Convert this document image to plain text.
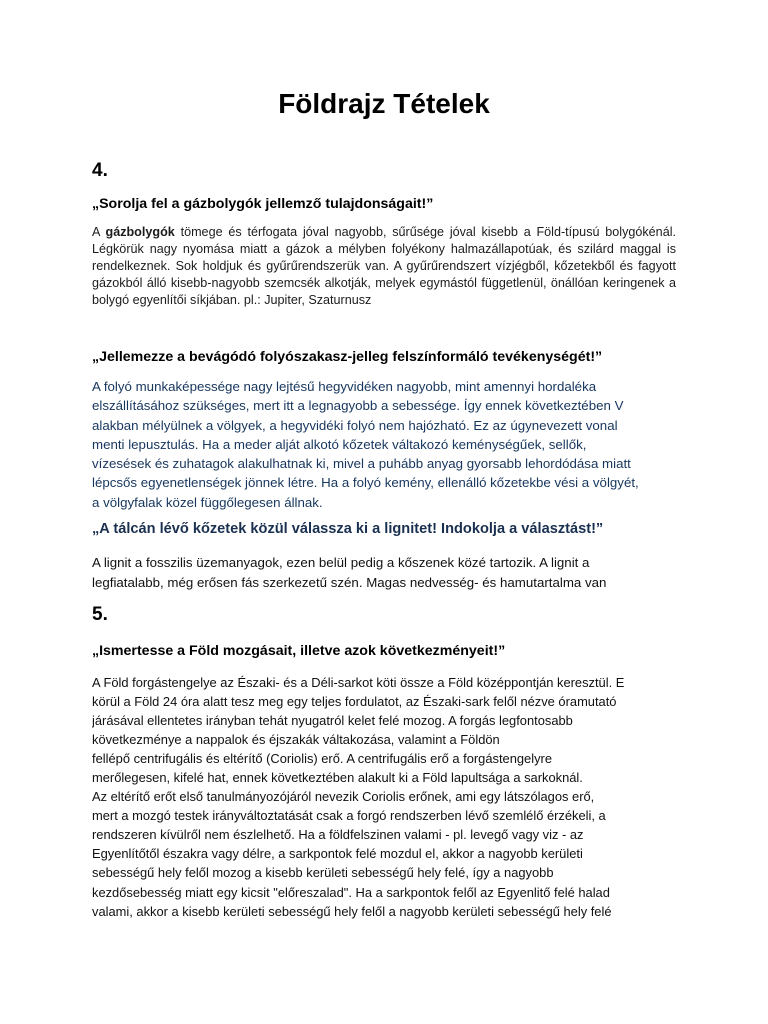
Földrajz Tételek
4.
„Sorolja fel a gázbolygók jellemző tulajdonságait!”

A gázbolygók tömege és térfogata jóval nagyobb, sűrűsége jóval kisebb a Föld-típusú bolygókénál. Légkörük nagy nyomása miatt a gázok a mélyben folyékony halmazállapotúak, és szilárd maggal is rendelkeznek. Sok holdjuk és gyűrűrendszerük van. A gyűrűrendszert vízjégből, kőzetekből és fagyott gázokból álló kisebb-nagyobb szemcsék alkotják, melyek egymástól függetlenül, önállóan keringenek a bolygó egyenlítői síkjában. pl.: Jupiter, Szaturnusz

„Jellemezze a bevágódó folyószakasz-jelleg felszínformáló tevékenységét!”

A folyó munkaképessége nagy lejtésű hegyvidéken nagyobb, mint amennyi hordaléka
elszállításához szükséges, mert itt a legnagyobb a sebessége. Így ennek következtében V
alakban mélyülnek a völgyek, a hegyvidéki folyó nem hajózható. Ez az úgynevezett vonal
menti lepusztulás. Ha a meder alját alkotó kőzetek váltakozó keménységűek, sellők,
vízesések és zuhatagok alakulhatnak ki, mivel a puhább anyag gyorsabb lehordódása miatt
lépcsős egyenetlenségek jönnek létre. Ha a folyó kemény, ellenálló kőzetekbe vési a völgyét,
a völgyfalak közel függőlegesen állnak.

„A tálcán lévő kőzetek közül válassza ki a lignitet! Indokolja a választást!”

A lignit a fosszilis üzemanyagok, ezen belül pedig a kőszenek közé tartozik. A lignit a
legfiatalabb, még erősen fás szerkezetű szén. Magas nedvesség- és hamutartalma van

5.
„Ismertesse a Föld mozgásait, illetve azok következményeit!”

A Föld forgástengelye az Északi- és a Déli-sarkot köti össze a Föld középpontján keresztül. E
körül a Föld 24 óra alatt tesz meg egy teljes fordulatot, az Északi-sark felől nézve óramutató
járásával ellentetes irányban tehát nyugatról kelet felé mozog. A forgás legfontosabb
következménye a nappalok és éjszakák váltakozása, valamint a Földön
fellépő centrifugális és eltérítő (Coriolis) erő. A centrifugális erő a forgástengelyre
merőlegesen, kifelé hat, ennek következtében alakult ki a Föld lapultsága a sarkoknál.
Az eltérítő erőt első tanulmányozójáról nevezik Coriolis erőnek, ami egy látszólagos erő,
mert a mozgó testek irányváltoztatását csak a forgó rendszerben lévő szemlélő érzékeli, a
rendszeren kívülről nem észlelhető. Ha a földfelszinen valami - pl. levegő vagy viz - az
Egyenlítőtől északra vagy délre, a sarkpontok felé mozdul el, akkor a nagyobb kerületi
sebességű hely felől mozog a kisebb kerületi sebességű hely felé, így a nagyobb
kezdősebesség miatt egy kicsit "előreszalad". Ha a sarkpontok felől az Egyenlitő felé halad
valami, akkor a kisebb kerületi sebességű hely felől a nagyobb kerületi sebességű hely felé
